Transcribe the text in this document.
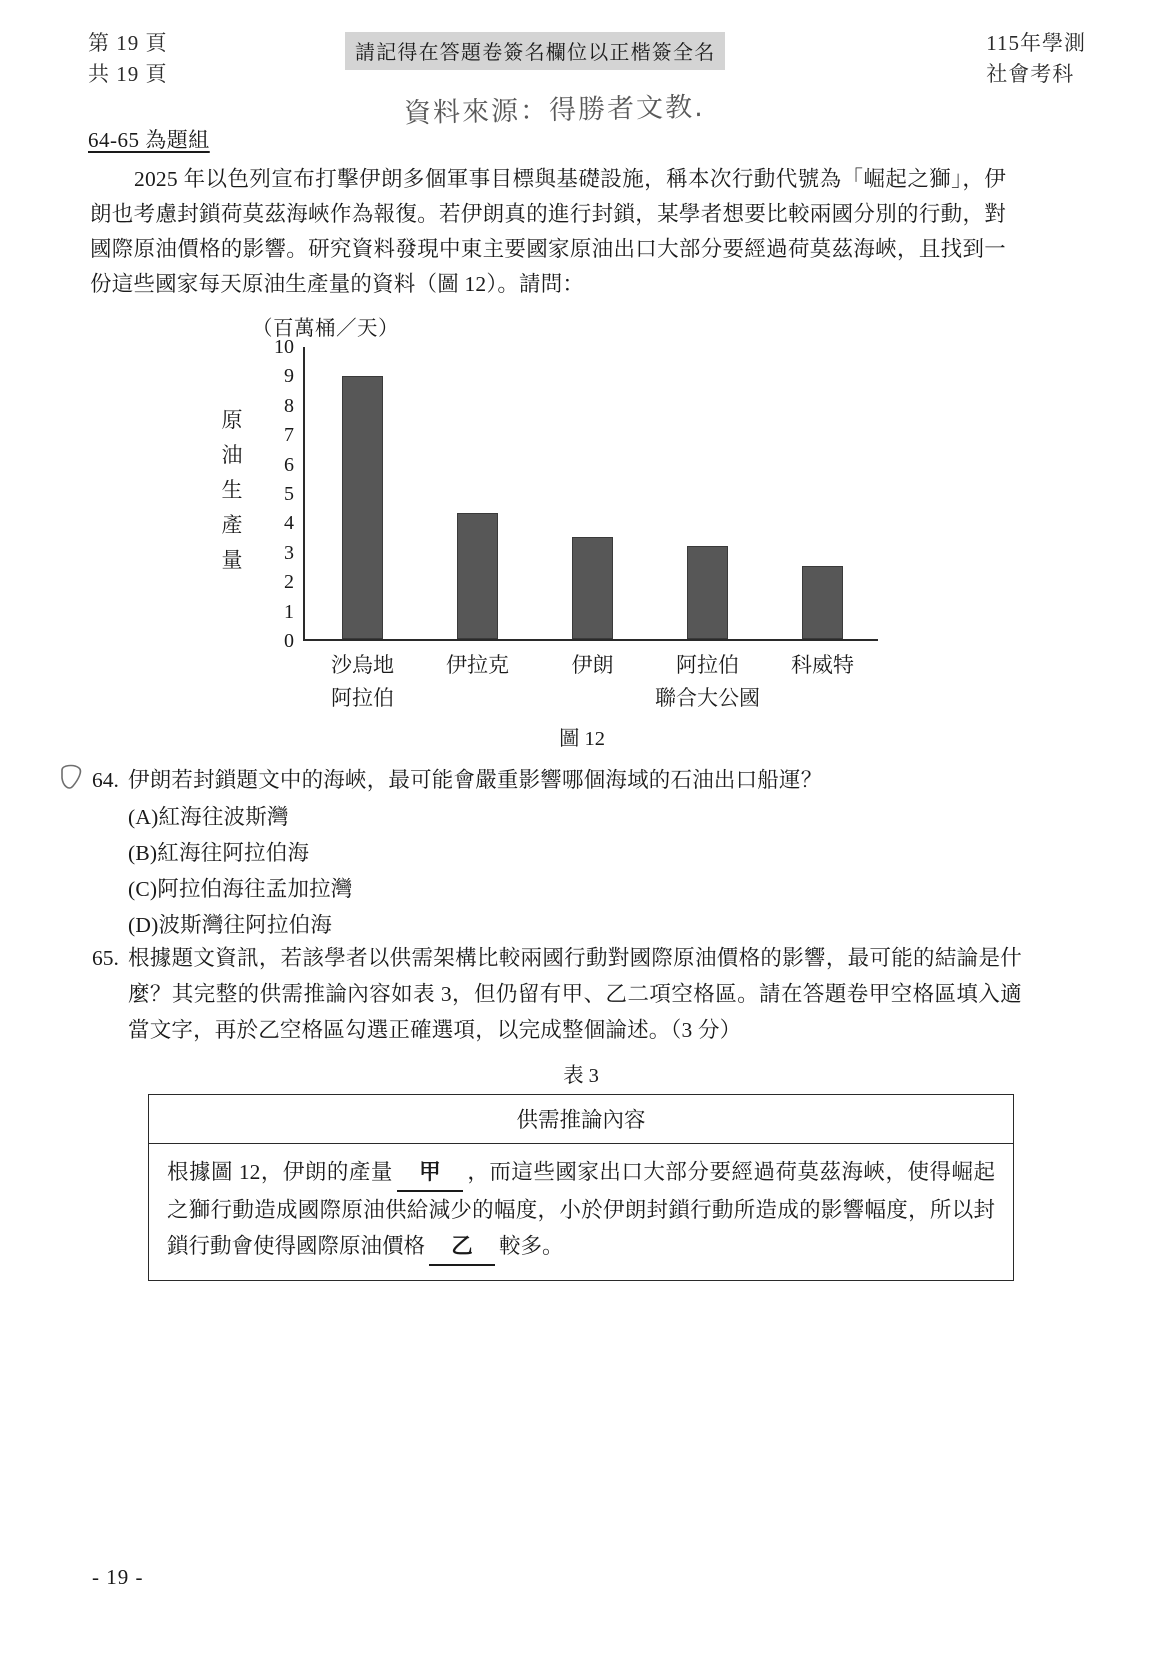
第 19 頁
共 19 頁
請記得在答題卷簽名欄位以正楷簽全名
資料來源：得勝者文教.
115年學測
社會考科
64-65 為題組
2025 年以色列宣布打擊伊朗多個軍事目標與基礎設施，稱本次行動代號為「崛起之獅」，伊朗也考慮封鎖荷莫茲海峽作為報復。若伊朗真的進行封鎖，某學者想要比較兩國分別的行動，對國際原油價格的影響。研究資料發現中東主要國家原油出口大部分要經過荷莫茲海峽，且找到一份這些國家每天原油生產量的資料（圖 12）。請問：
（百萬桶／天）
原油生產量
10
9
8
7
6
5
4
3
2
1
0
沙烏地
阿拉伯
伊拉克	伊朗	阿拉伯
聯合大公國
科威特
圖 12
64. 伊朗若封鎖題文中的海峽，最可能會嚴重影響哪個海域的石油出口船運？
(A)紅海往波斯灣
(B)紅海往阿拉伯海
(C)阿拉伯海往孟加拉灣
(D)波斯灣往阿拉伯海
65. 根據題文資訊，若該學者以供需架構比較兩國行動對國際原油價格的影響，最可能的結論是什麼？其完整的供需推論內容如表 3，但仍留有甲、乙二項空格區。請在答題卷甲空格區填入適當文字，再於乙空格區勾選正確選項，以完成整個論述。（3 分）
表 3
供需推論內容
根據圖 12，伊朗的產量 甲 ，而這些國家出口大部分要經過荷莫茲海峽，使得崛起之獅行動造成國際原油供給減少的幅度，小於伊朗封鎖行動所造成的影響幅度，所以封鎖行動會使得國際原油價格 乙 較多。
- 19 -
